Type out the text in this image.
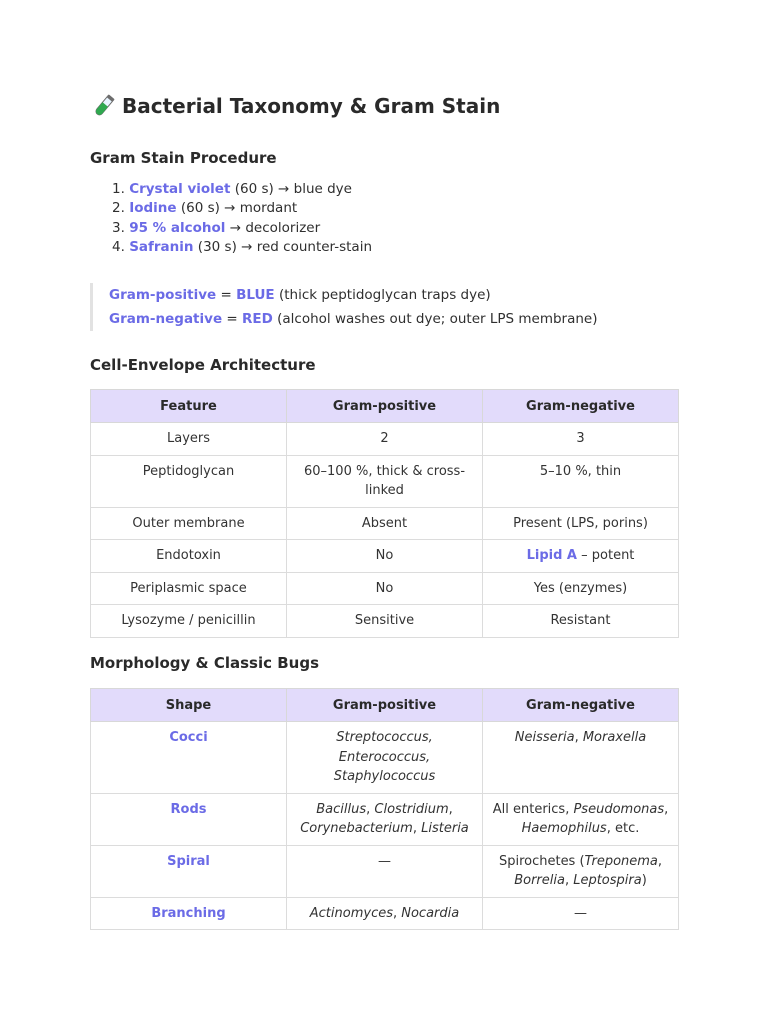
Bacterial Taxonomy & Gram Stain
Gram Stain Procedure
1. Crystal violet (60 s) → blue dye
2. Iodine (60 s) → mordant
3. 95 % alcohol → decolorizer
4. Safranin (30 s) → red counter-stain
Gram-positive = BLUE (thick peptidoglycan traps dye)
Gram-negative = RED (alcohol washes out dye; outer LPS membrane)
Cell-Envelope Architecture
Feature	Gram-positive	Gram-negative
Layers	2	3
Peptidoglycan	60–100 %, thick & cross-linked	5–10 %, thin
Outer membrane	Absent	Present (LPS, porins)
Endotoxin	No	Lipid A – potent
Periplasmic space	No	Yes (enzymes)
Lysozyme / penicillin	Sensitive	Resistant
Morphology & Classic Bugs
Shape	Gram-positive	Gram-negative
Cocci	Streptococcus, Enterococcus, Staphylococcus	Neisseria, Moraxella
Rods	Bacillus, Clostridium, Corynebacterium, Listeria	All enterics, Pseudomonas, Haemophilus, etc.
Spiral	—	Spirochetes (Treponema, Borrelia, Leptospira)
Branching	Actinomyces, Nocardia	—
